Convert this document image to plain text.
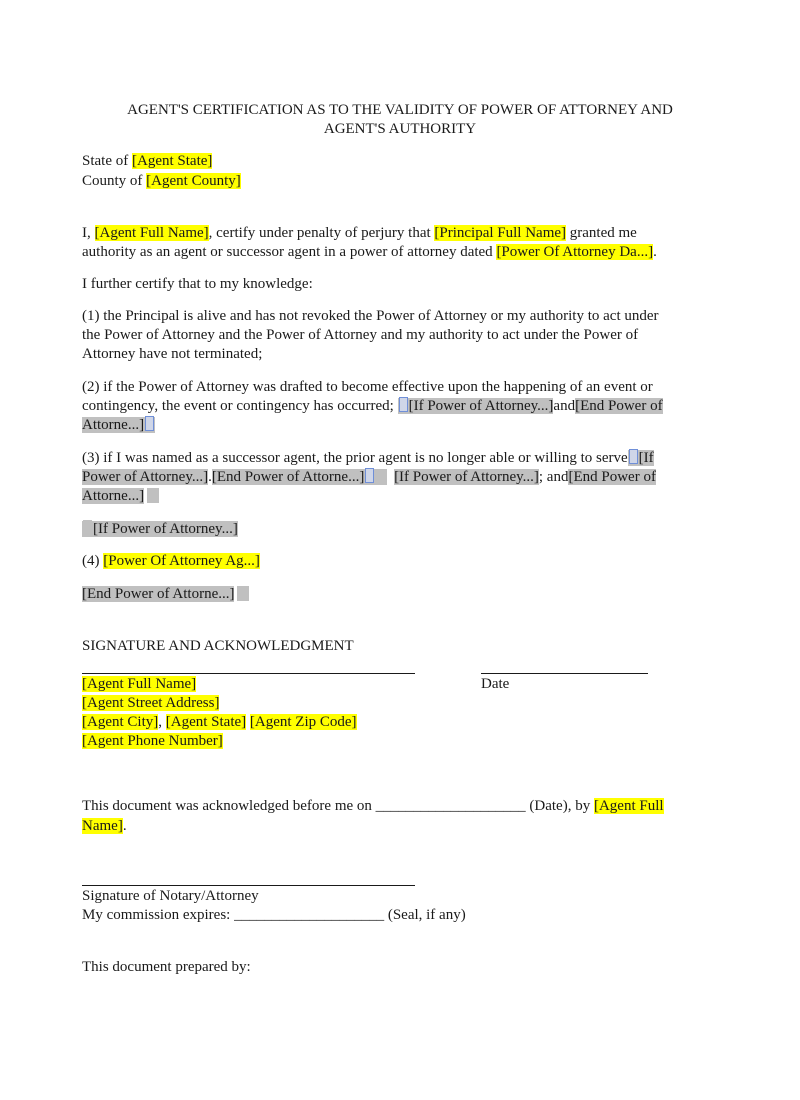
AGENT'S CERTIFICATION AS TO THE VALIDITY OF POWER OF ATTORNEY AND
AGENT'S AUTHORITY
State of [Agent State]
County of [Agent County]
I, [Agent Full Name], certify under penalty of perjury that [Principal Full Name] granted me
authority as an agent or successor agent in a power of attorney dated [Power Of Attorney Da...].
I further certify that to my knowledge:
(1) the Principal is alive and has not revoked the Power of Attorney or my authority to act under
the Power of Attorney and the Power of Attorney and my authority to act under the Power of
Attorney have not terminated;
(2) if the Power of Attorney was drafted to become effective upon the happening of an event or
contingency, the event or contingency has occurred; [If Power of Attorney...]and[End Power of
Attorne...]
(3) if I was named as a successor agent, the prior agent is no longer able or willing to serve [If
Power of Attorney...].[End Power of Attorne...] [If Power of Attorney...]; and[End Power of
Attorne...]
[If Power of Attorney...]
(4) [Power Of Attorney Ag...]
[End Power of Attorne...]
SIGNATURE AND ACKNOWLEDGMENT
[Agent Full Name]	Date
[Agent Street Address]
[Agent City], [Agent State] [Agent Zip Code]
[Agent Phone Number]
This document was acknowledged before me on ____________________ (Date), by [Agent Full
Name].
Signature of Notary/Attorney
My commission expires: ____________________ (Seal, if any)
This document prepared by:
